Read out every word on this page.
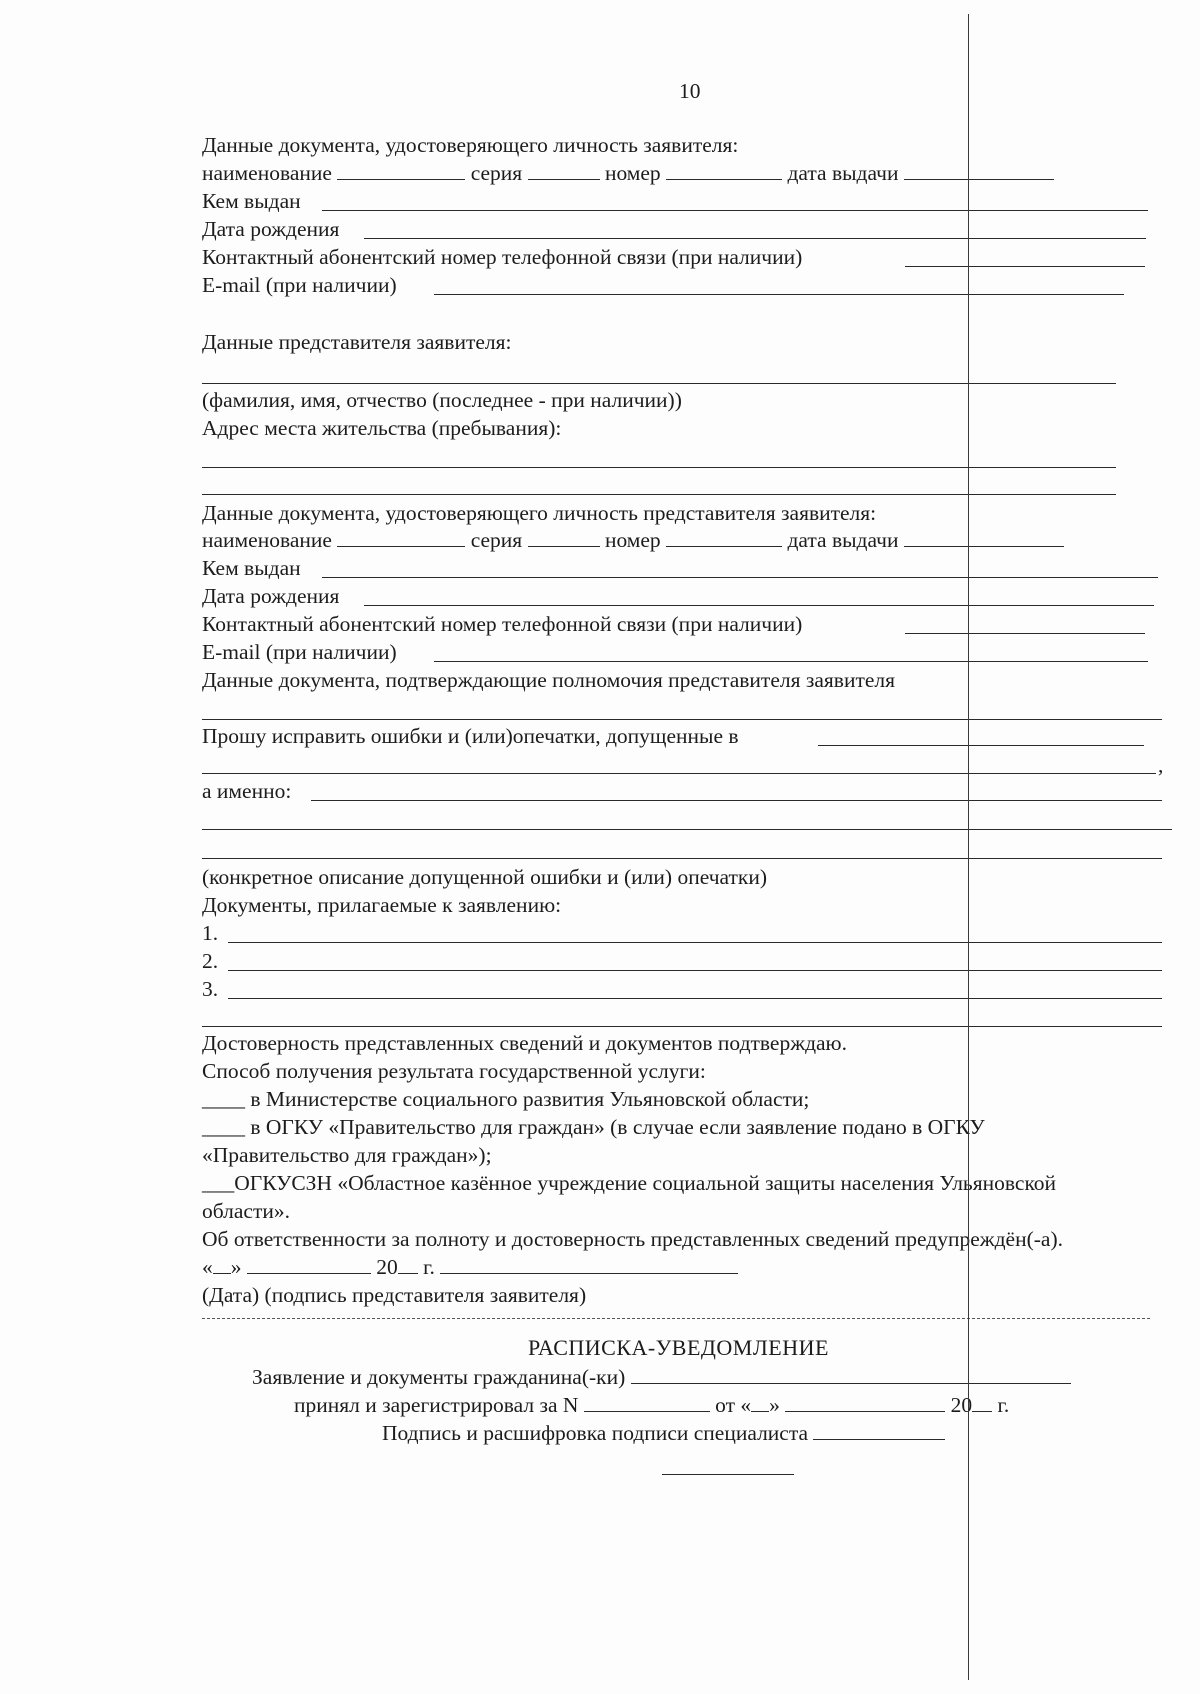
10
Данные документа, удостоверяющего личность заявителя:
наименование	серия	номер	дата выдачи
Кем выдан
Дата рождения
Контактный абонентский номер телефонной связи (при наличии)
E-mail (при наличии)
Данные представителя заявителя:
(фамилия, имя, отчество (последнее - при наличии))
Адрес места жительства (пребывания):
Данные документа, удостоверяющего личность представителя заявителя:
наименование	серия	номер	дата выдачи
Кем выдан
Дата рождения
Контактный абонентский номер телефонной связи (при наличии)
E-mail (при наличии)
Данные документа, подтверждающие полномочия представителя заявителя
Прошу исправить ошибки и (или)опечатки, допущенные в
,
а именно:
(конкретное описание допущенной ошибки и (или) опечатки)
Документы, прилагаемые к заявлению:
1.
2.
3.
Достоверность представленных сведений и документов подтверждаю.
Способ получения результата государственной услуги:
____ в Министерстве социального развития Ульяновской области;
____ в ОГКУ «Правительство для граждан» (в случае если заявление подано в ОГКУ
«Правительство для граждан»);
___ОГКУСЗН «Областное казённое учреждение социальной защиты населения Ульяновской
области».
Об ответственности за полноту и достоверность представленных сведений предупреждён(-а).
« »	20 г.
(Дата) (подпись представителя заявителя)
РАСПИСКА-УВЕДОМЛЕНИЕ
Заявление и документы гражданина(-ки)
принял и зарегистрировал за N	от « »	20 г.
Подпись и расшифровка подписи специалиста
